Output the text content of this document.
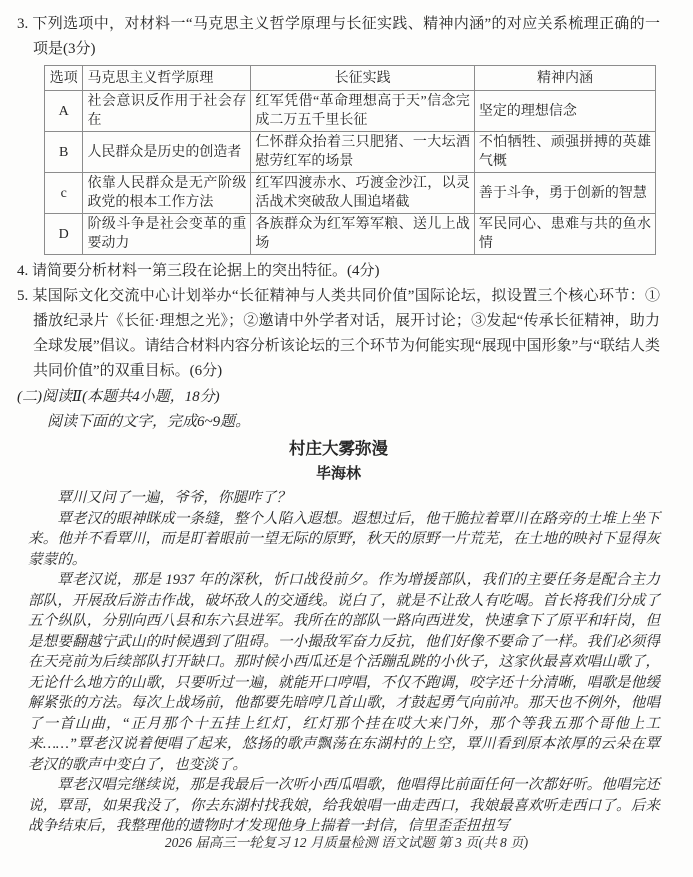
3. 下列选项中，对材料一“马克思主义哲学原理与长征实践、精神内涵”的对应关系梳理正确的一项是(3分)

选项	马克思主义哲学原理	长征实践	精神内涵
A	社会意识反作用于社会存在	红军凭借“革命理想高于天”信念完成二万五千里长征	坚定的理想信念
B	人民群众是历史的创造者	仁怀群众抬着三只肥猪、一大坛酒慰劳红军的场景	不怕牺牲、顽强拼搏的英雄气概
c	依靠人民群众是无产阶级政党的根本工作方法	红军四渡赤水、巧渡金沙江，以灵活战术突破敌人围追堵截	善于斗争，勇于创新的智慧
D	阶级斗争是社会变革的重要动力	各族群众为红军筹军粮、送儿上战场	军民同心、患难与共的鱼水情

4. 请简要分析材料一第三段在论据上的突出特征。(4分)

5. 某国际文化交流中心计划举办“长征精神与人类共同价值”国际论坛，拟设置三个核心环节：①播放纪录片《长征·理想之光》；②邀请中外学者对话，展开讨论；③发起“传承长征精神，助力全球发展”倡议。请结合材料内容分析该论坛的三个环节为何能实现“展现中国形象”与“联结人类共同价值”的双重目标。(6分)

(二)阅读Ⅱ(本题共4小题，18分)

阅读下面的文字，完成6~9题。

村庄大雾弥漫
毕海林

覃川又问了一遍，爷爷，你腿咋了？

覃老汉的眼神眯成一条缝，整个人陷入遐想。遐想过后，他干脆拉着覃川在路旁的土堆上坐下来。他并不看覃川，而是盯着眼前一望无际的原野，秋天的原野一片荒芜，在土地的映衬下显得灰蒙蒙的。

覃老汉说，那是 1937 年的深秋，忻口战役前夕。作为增援部队，我们的主要任务是配合主力部队，开展敌后游击作战，破坏敌人的交通线。说白了，就是不让敌人有吃喝。首长将我们分成了五个纵队，分别向西八县和东六县进军。我所在的部队一路向西进发，快速拿下了原平和轩岗，但是想要翻越宁武山的时候遇到了阻碍。一小撮敌军奋力反抗，他们好像不要命了一样。我们必须得在天亮前为后续部队打开缺口。那时候小西瓜还是个活蹦乱跳的小伙子，这家伙最喜欢唱山歌了，无论什么地方的山歌，只要听过一遍，就能开口哼唱，不仅不跑调，咬字还十分清晰，唱歌是他缓解紧张的方法。每次上战场前，他都要先暗哼几首山歌，才鼓起勇气向前冲。那天也不例外，他唱了一首山曲，“正月那个十五挂上红灯，红灯那个挂在哎大来门外，那个等我五那个哥他上工来……”覃老汉说着便唱了起来，悠扬的歌声飘荡在东湖村的上空，覃川看到原本浓厚的云朵在覃老汉的歌声中变白了，也变淡了。

覃老汉唱完继续说，那是我最后一次听小西瓜唱歌，他唱得比前面任何一次都好听。他唱完还说，覃哥，如果我没了，你去东湖村找我娘，给我娘唱一曲走西口，我娘最喜欢听走西口了。后来战争结束后，我整理他的遗物时才发现他身上揣着一封信，信里歪歪扭扭写

2026 届高三一轮复习 12 月质量检测 语文试题 第 3 页(共 8 页)
